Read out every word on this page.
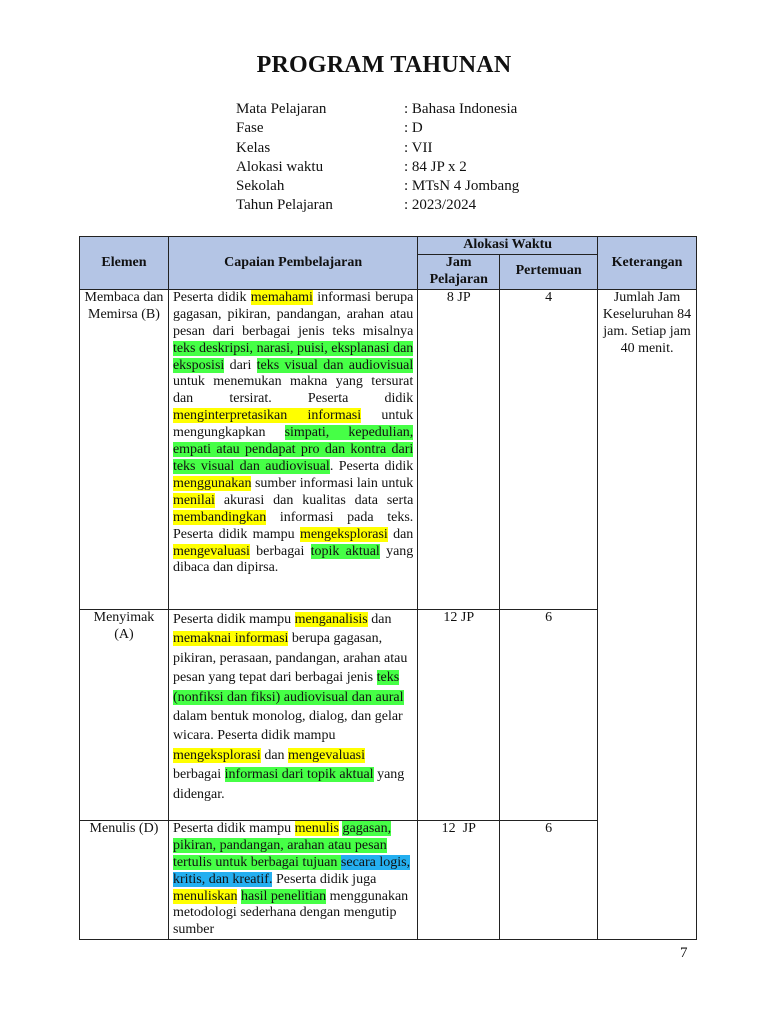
PROGRAM TAHUNAN
Mata Pelajaran	: Bahasa Indonesia
Fase	: D
Kelas	: VII
Alokasi waktu	: 84 JP x 2
Sekolah	: MTsN 4 Jombang
Tahun Pelajaran	: 2023/2024
Elemen	Capaian Pembelajaran	Alokasi Waktu		Keterangan
		Jam Pelajaran	Pertemuan	
Membaca dan Memirsa (B)	Peserta didik memahami informasi berupa gagasan, pikiran, pandangan, arahan atau pesan dari berbagai jenis teks misalnya teks deskripsi, narasi, puisi, eksplanasi dan eksposisi dari teks visual dan audiovisual untuk menemukan makna yang tersurat dan tersirat. Peserta didik menginterpretasikan informasi untuk mengungkapkan simpati, kepedulian, empati atau pendapat pro dan kontra dari teks visual dan audiovisual. Peserta didik menggunakan sumber informasi lain untuk menilai akurasi dan kualitas data serta membandingkan informasi pada teks. Peserta didik mampu mengeksplorasi dan mengevaluasi berbagai topik aktual yang dibaca dan dipirsa.	8 JP	4	Jumlah Jam Keseluruhan 84 jam. Setiap jam 40 menit.
Menyimak (A)	Peserta didik mampu menganalisis dan memaknai informasi berupa gagasan, pikiran, perasaan, pandangan, arahan atau pesan yang tepat dari berbagai jenis teks (nonfiksi dan fiksi) audiovisual dan aural dalam bentuk monolog, dialog, dan gelar wicara. Peserta didik mampu mengeksplorasi dan mengevaluasi berbagai informasi dari topik aktual yang didengar.	12 JP	6	
Menulis (D)	Peserta didik mampu menulis gagasan, pikiran, pandangan, arahan atau pesan tertulis untuk berbagai tujuan secara logis, kritis, dan kreatif. Peserta didik juga menuliskan hasil penelitian menggunakan metodologi sederhana dengan mengutip sumber	12  JP	6	
7
